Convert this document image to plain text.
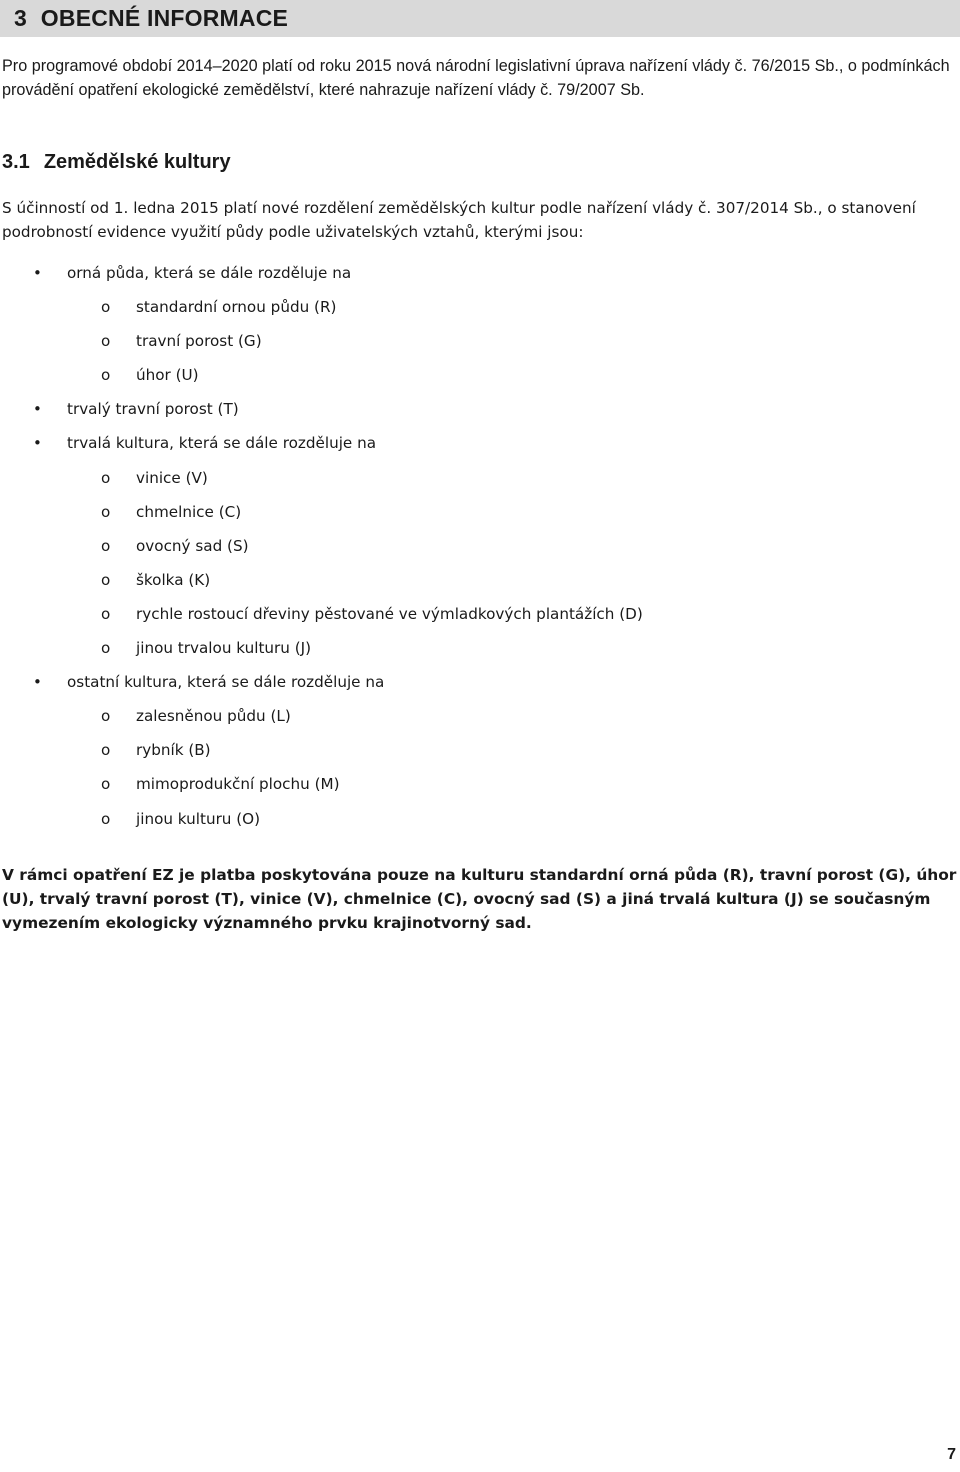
3 OBECNÉ INFORMACE
Pro programové období 2014–2020 platí od roku 2015 nová národní legislativní úprava nařízení vlády č. 76/2015 Sb., o podmínkách provádění opatření ekologické zemědělství, které nahrazuje nařízení vlády č. 79/2007 Sb.
3.1 Zemědělské kultury
S účinností od 1. ledna 2015 platí nové rozdělení zemědělských kultur podle nařízení vlády č. 307/2014 Sb., o stanovení podrobností evidence využití půdy podle uživatelských vztahů, kterými jsou:
• orná půda, která se dále rozděluje na
o standardní ornou půdu (R)
o travní porost (G)
o úhor (U)
• trvalý travní porost (T)
• trvalá kultura, která se dále rozděluje na
o vinice (V)
o chmelnice (C)
o ovocný sad (S)
o školka (K)
o rychle rostoucí dřeviny pěstované ve výmladkových plantážích (D)
o jinou trvalou kulturu (J)
• ostatní kultura, která se dále rozděluje na
o zalesněnou půdu (L)
o rybník (B)
o mimoprodukční plochu (M)
o jinou kulturu (O)
V rámci opatření EZ je platba poskytována pouze na kulturu standardní orná půda (R), travní porost (G), úhor (U), trvalý travní porost (T), vinice (V), chmelnice (C), ovocný sad (S) a jiná trvalá kultura (J) se současným vymezením ekologicky významného prvku krajinotvorný sad.
7
